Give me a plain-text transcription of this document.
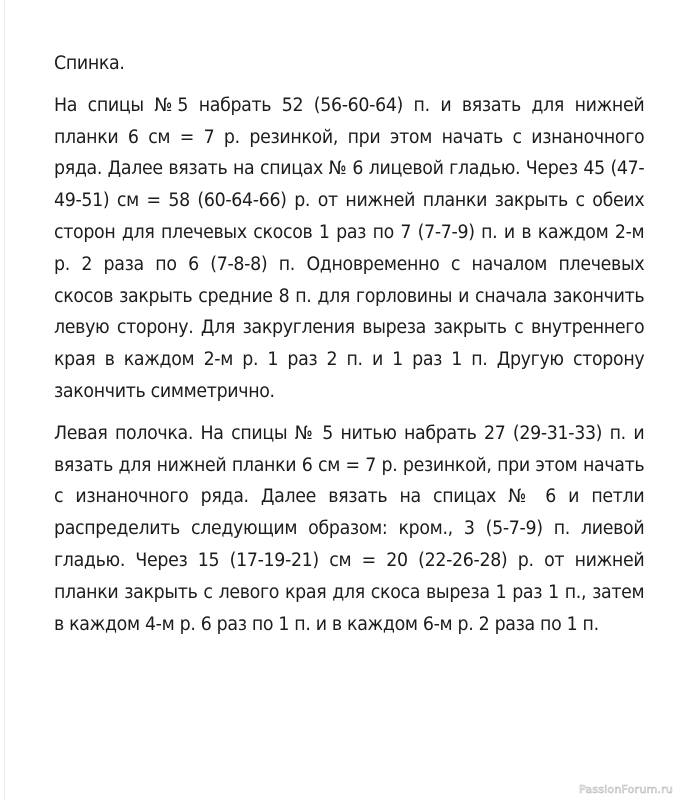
Спинка.

На спицы №5 набрать 52 (56-60-64) п. и вязать для нижней планки 6 см = 7 р. резинкой, при этом начать с изнаночного ряда. Далее вязать на спицах № 6 лицевой гладью. Через 45 (47-49-51) см = 58 (60-64-66) р. от нижней планки закрыть с обеих сторон для плечевых скосов 1 раз по 7 (7-7-9) п. и в каждом 2-м р. 2 раза по 6 (7-8-8) п. Одновременно с началом плечевых скосов закрыть средние 8 п. для горловины и сначала закончить левую сторону. Для закругления выреза закрыть с внутреннего края в каждом 2-м р. 1 раз 2 п. и 1 раз 1 п. Другую сторону закончить симметрично.

Левая полочка. На спицы № 5 нитью набрать 27 (29-31-33) п. и вязать для нижней планки 6 см = 7 р. резинкой, при этом начать с изнаночного ряда. Далее вязать на спицах № 6 и петли распределить следующим образом: кром., 3 (5-7-9) п. лиевой гладью. Через 15 (17-19-21) см = 20 (22-26-28) р. от нижней планки закрыть с левого края для скоса выреза 1 раз 1 п., затем в каждом 4-м р. 6 раз по 1 п. и в каждом 6-м р. 2 раза по 1 п.

PassionForum.ru
